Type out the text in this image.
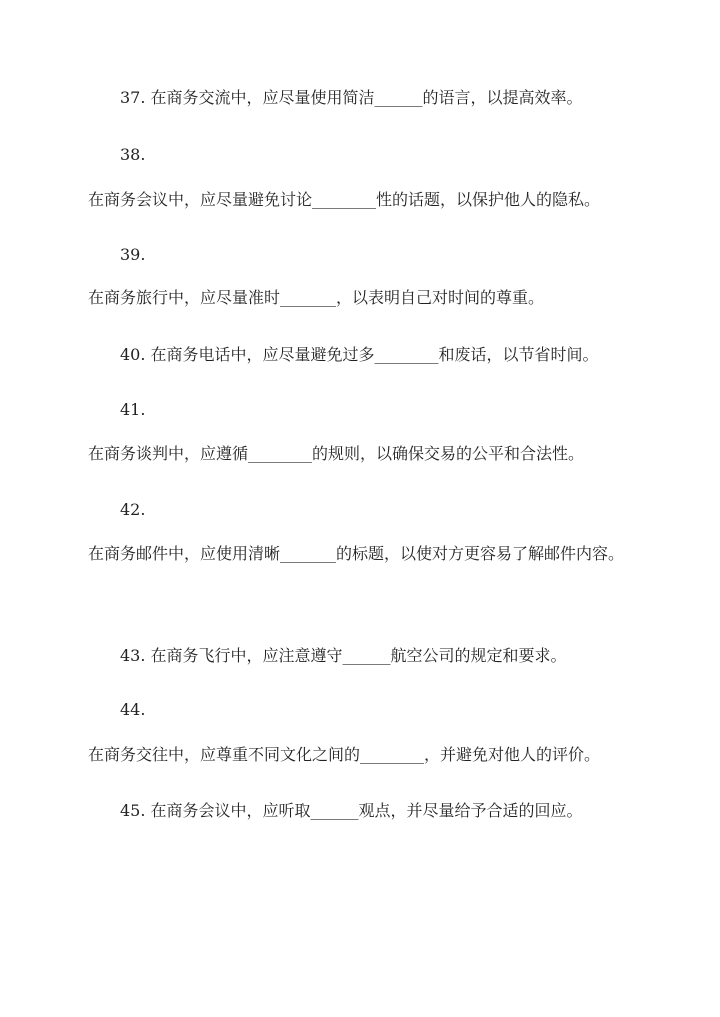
37. 在商务交流中，应尽量使用简洁______的语言，以提高效率。
38.
在商务会议中，应尽量避免讨论________性的话题，以保护他人的隐私。
39.
在商务旅行中，应尽量准时_______，以表明自己对时间的尊重。
40. 在商务电话中，应尽量避免过多________和废话，以节省时间。
41.
在商务谈判中，应遵循________的规则，以确保交易的公平和合法性。
42.
在商务邮件中，应使用清晰_______的标题，以使对方更容易了解邮件内容。
43. 在商务飞行中，应注意遵守______航空公司的规定和要求。
44.
在商务交往中，应尊重不同文化之间的________，并避免对他人的评价。
45. 在商务会议中，应听取______观点，并尽量给予合适的回应。
